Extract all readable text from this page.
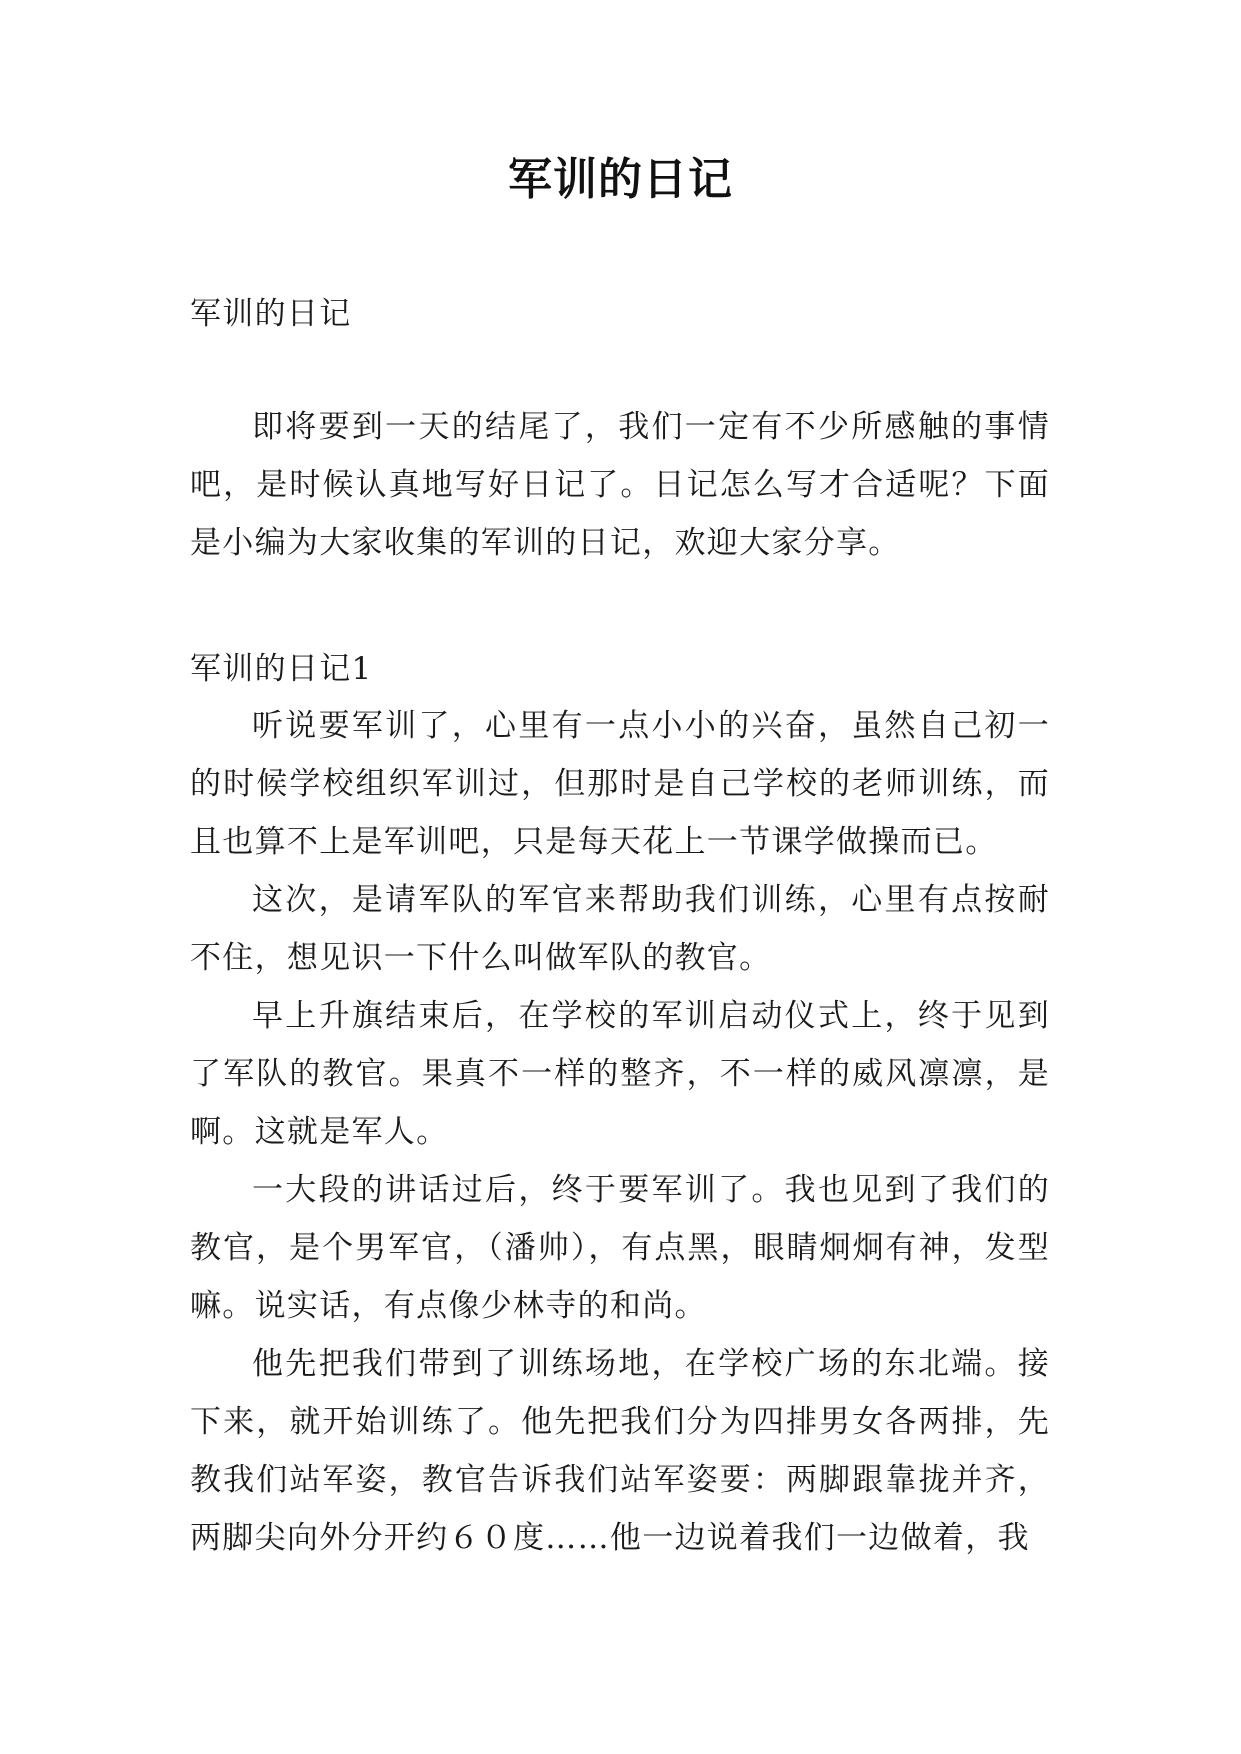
军训的日记
军训的日记

即将要到一天的结尾了，我们一定有不少所感触的事情吧，是时候认真地写好日记了。日记怎么写才合适呢？下面是小编为大家收集的军训的日记，欢迎大家分享。

军训的日记1

听说要军训了，心里有一点小小的兴奋，虽然自己初一的时候学校组织军训过，但那时是自己学校的老师训练，而且也算不上是军训吧，只是每天花上一节课学做操而已。

这次，是请军队的军官来帮助我们训练，心里有点按耐不住，想见识一下什么叫做军队的教官。

早上升旗结束后，在学校的军训启动仪式上，终于见到了军队的教官。果真不一样的整齐，不一样的威风凛凛，是啊。这就是军人。

一大段的讲话过后，终于要军训了。我也见到了我们的教官，是个男军官，（潘帅），有点黑，眼睛炯炯有神，发型嘛。说实话，有点像少林寺的和尚。

他先把我们带到了训练场地，在学校广场的东北端。接下来，就开始训练了。他先把我们分为四排男女各两排，先教我们站军姿，教官告诉我们站军姿要：两脚跟靠拢并齐，两脚尖向外分开约６０度……他一边说着我们一边做着，我
